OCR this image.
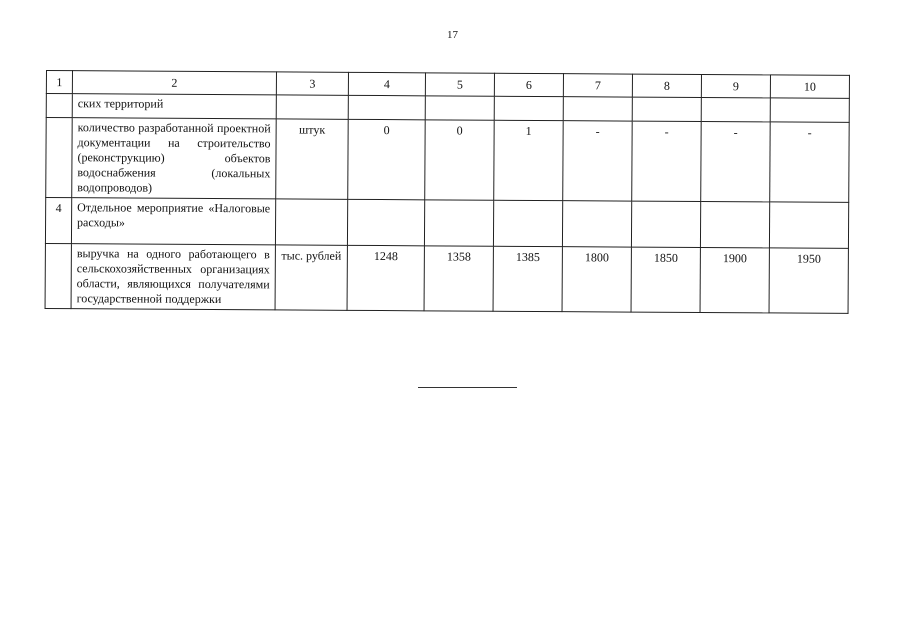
17
1	2	3	4	5	6	7	8	9	10
	ских территорий								
	количество разработанной проектной документации на строительство (реконструкцию) объектов водоснабжения (локальных водопроводов)	штук	0	0	1	-	-	-	-
4	Отдельное мероприятие «Налоговые расходы»								
	выручка на одного работающего в сельскохозяйственных организациях области, являющихся получателями государственной поддержки	тыс. рублей	1248	1358	1385	1800	1850	1900	1950
